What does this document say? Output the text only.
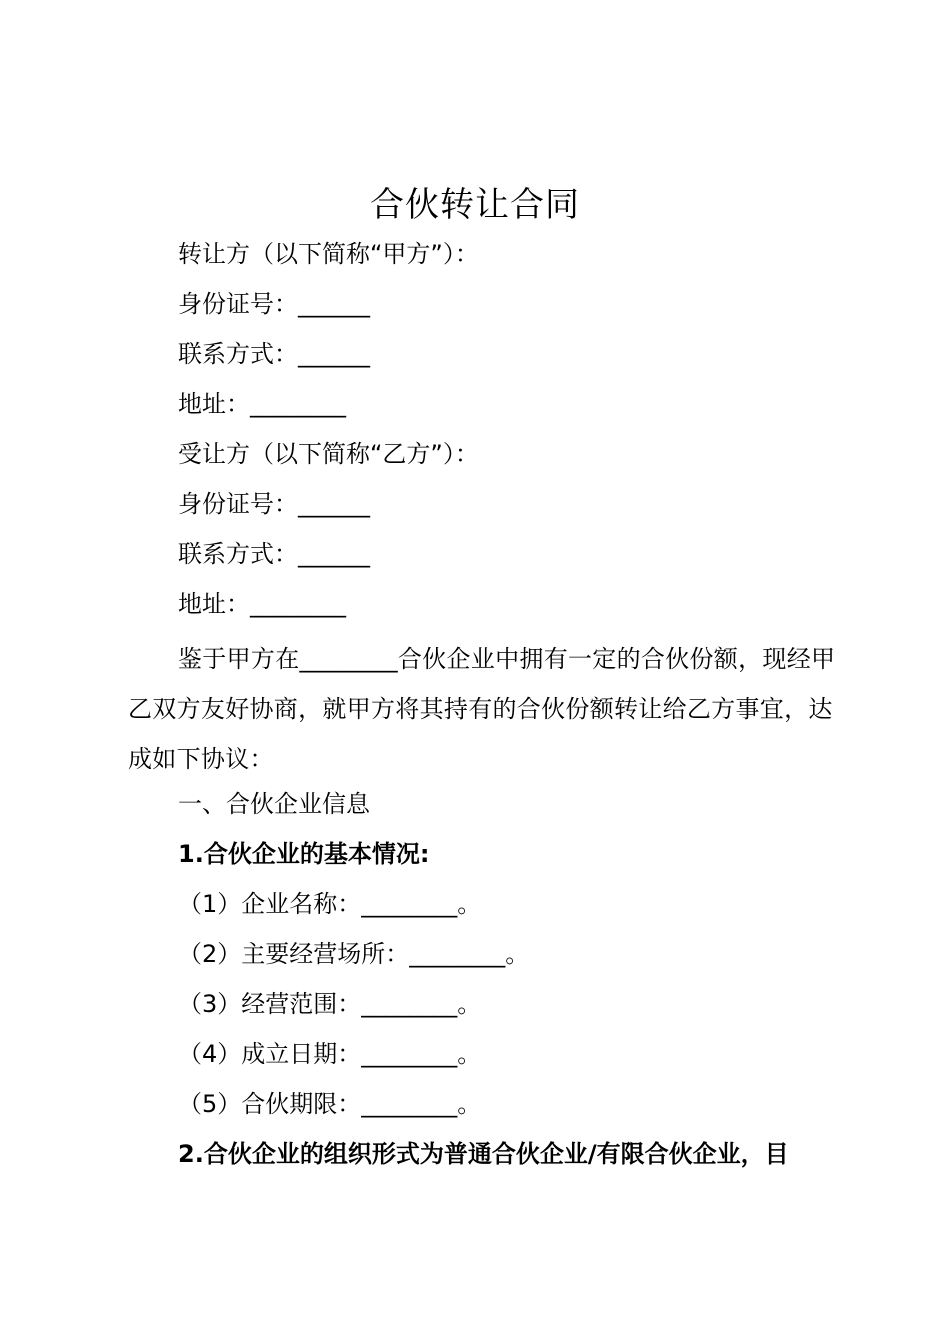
合伙转让合同
转让方（以下简称“甲方”）：
身份证号：______
联系方式：______
地址：________
受让方（以下简称“乙方”）：
身份证号：______
联系方式：______
地址：________
鉴于甲方在________合伙企业中拥有一定的合伙份额，现经甲乙双方友好协商，就甲方将其持有的合伙份额转让给乙方事宜，达成如下协议：
一、合伙企业信息
1.合伙企业的基本情况:
（1）企业名称：________。
（2）主要经营场所：________。
（3）经营范围：________。
（4）成立日期：________。
（5）合伙期限：________。
2.合伙企业的组织形式为普通合伙企业/有限合伙企业，目
